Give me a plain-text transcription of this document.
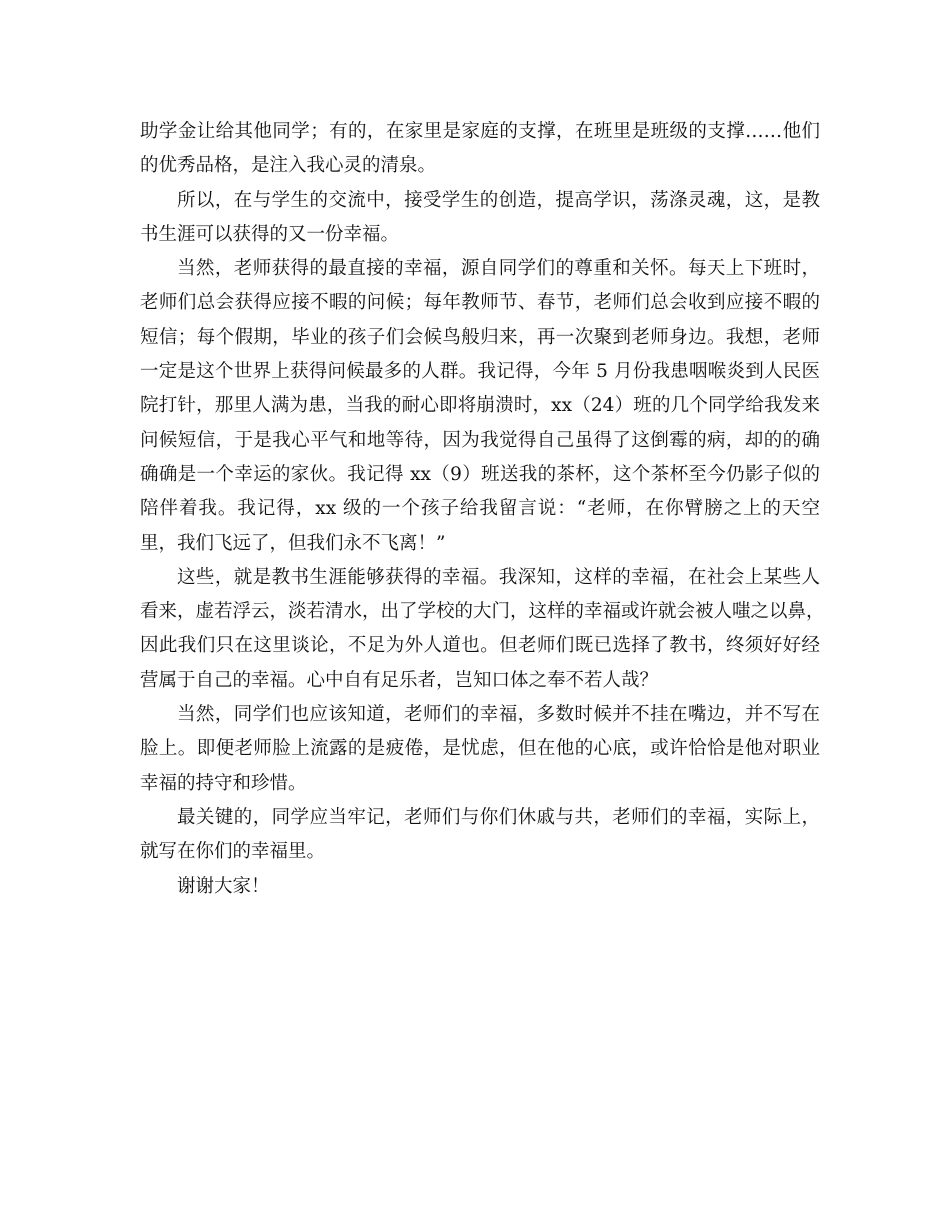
助学金让给其他同学；有的，在家里是家庭的支撑，在班里是班级的支撑……他们
的优秀品格，是注入我心灵的清泉。
所以，在与学生的交流中，接受学生的创造，提高学识，荡涤灵魂，这，是教
书生涯可以获得的又一份幸福。
当然，老师获得的最直接的幸福，源自同学们的尊重和关怀。每天上下班时，
老师们总会获得应接不暇的问候；每年教师节、春节，老师们总会收到应接不暇的
短信；每个假期，毕业的孩子们会候鸟般归来，再一次聚到老师身边。我想，老师
一定是这个世界上获得问候最多的人群。我记得，今年 5 月份我患咽喉炎到人民医
院打针，那里人满为患，当我的耐心即将崩溃时，xx（24）班的几个同学给我发来
问候短信，于是我心平气和地等待，因为我觉得自己虽得了这倒霉的病，却的的确
确确是一个幸运的家伙。我记得 xx（9）班送我的茶杯，这个茶杯至今仍影子似的
陪伴着我。我记得，xx 级的一个孩子给我留言说：“老师，在你臂膀之上的天空
里，我们飞远了，但我们永不飞离！”
这些，就是教书生涯能够获得的幸福。我深知，这样的幸福，在社会上某些人
看来，虚若浮云，淡若清水，出了学校的大门，这样的幸福或许就会被人嗤之以鼻，
因此我们只在这里谈论，不足为外人道也。但老师们既已选择了教书，终须好好经
营属于自己的幸福。心中自有足乐者，岂知口体之奉不若人哉？
当然，同学们也应该知道，老师们的幸福，多数时候并不挂在嘴边，并不写在
脸上。即便老师脸上流露的是疲倦，是忧虑，但在他的心底，或许恰恰是他对职业
幸福的持守和珍惜。
最关键的，同学应当牢记，老师们与你们休戚与共，老师们的幸福，实际上，
就写在你们的幸福里。
谢谢大家！
